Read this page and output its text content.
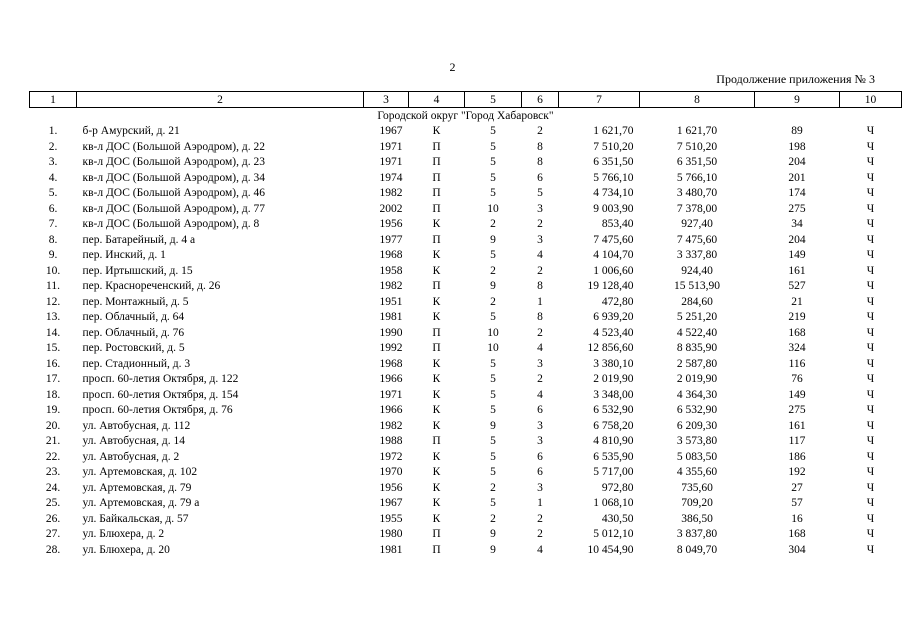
2
Продолжение приложения № 3
1	2	3	4	5	6	7	8	9	10
Городской округ "Город Хабаровск"									
1.	б-р Амурский, д. 21	1967	К	5	2	1 621,70	1 621,70	89	Ч
2.	кв-л ДОС (Большой Аэродром), д. 22	1971	П	5	8	7 510,20	7 510,20	198	Ч
3.	кв-л ДОС (Большой Аэродром), д. 23	1971	П	5	8	6 351,50	6 351,50	204	Ч
4.	кв-л ДОС (Большой Аэродром), д. 34	1974	П	5	6	5 766,10	5 766,10	201	Ч
5.	кв-л ДОС (Большой Аэродром), д. 46	1982	П	5	5	4 734,10	3 480,70	174	Ч
6.	кв-л ДОС (Большой Аэродром), д. 77	2002	П	10	3	9 003,90	7 378,00	275	Ч
7.	кв-л ДОС (Большой Аэродром), д. 8	1956	К	2	2	853,40	927,40	34	Ч
8.	пер. Батарейный, д. 4 а	1977	П	9	3	7 475,60	7 475,60	204	Ч
9.	пер. Инский, д. 1	1968	К	5	4	4 104,70	3 337,80	149	Ч
10.	пер. Иртышский, д. 15	1958	К	2	2	1 006,60	924,40	161	Ч
11.	пер. Краснореченский, д. 26	1982	П	9	8	19 128,40	15 513,90	527	Ч
12.	пер. Монтажный, д. 5	1951	К	2	1	472,80	284,60	21	Ч
13.	пер. Облачный, д. 64	1981	К	5	8	6 939,20	5 251,20	219	Ч
14.	пер. Облачный, д. 76	1990	П	10	2	4 523,40	4 522,40	168	Ч
15.	пер. Ростовский, д. 5	1992	П	10	4	12 856,60	8 835,90	324	Ч
16.	пер. Стадионный, д. 3	1968	К	5	3	3 380,10	2 587,80	116	Ч
17.	просп. 60-летия Октября, д. 122	1966	К	5	2	2 019,90	2 019,90	76	Ч
18.	просп. 60-летия Октября, д. 154	1971	К	5	4	3 348,00	4 364,30	149	Ч
19.	просп. 60-летия Октября, д. 76	1966	К	5	6	6 532,90	6 532,90	275	Ч
20.	ул. Автобусная, д. 112	1982	К	9	3	6 758,20	6 209,30	161	Ч
21.	ул. Автобусная, д. 14	1988	П	5	3	4 810,90	3 573,80	117	Ч
22.	ул. Автобусная, д. 2	1972	К	5	6	6 535,90	5 083,50	186	Ч
23.	ул. Артемовская, д. 102	1970	К	5	6	5 717,00	4 355,60	192	Ч
24.	ул. Артемовская, д. 79	1956	К	2	3	972,80	735,60	27	Ч
25.	ул. Артемовская, д. 79 а	1967	К	5	1	1 068,10	709,20	57	Ч
26.	ул. Байкальская, д. 57	1955	К	2	2	430,50	386,50	16	Ч
27.	ул. Блюхера, д. 2	1980	П	9	2	5 012,10	3 837,80	168	Ч
28.	ул. Блюхера, д. 20	1981	П	9	4	10 454,90	8 049,70	304	Ч
